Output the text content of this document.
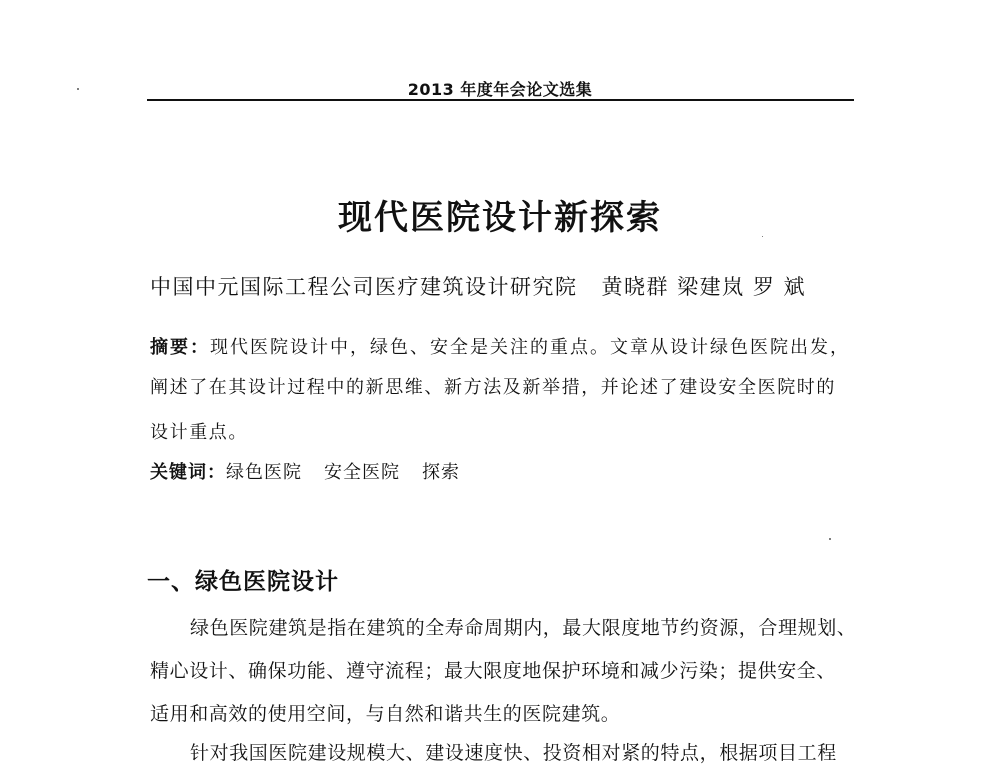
2013 年度年会论文选集
现代医院设计新探索
中国中元国际工程公司医疗建筑设计研究院 黄晓群 梁建岚 罗 斌
摘要：现代医院设计中，绿色、安全是关注的重点。文章从设计绿色医院出发，
阐述了在其设计过程中的新思维、新方法及新举措，并论述了建设安全医院时的
设计重点。
关键词：绿色医院 安全医院 探索
一、绿色医院设计
绿色医院建筑是指在建筑的全寿命周期内，最大限度地节约资源，合理规划、
精心设计、确保功能、遵守流程；最大限度地保护环境和减少污染；提供安全、
适用和高效的使用空间，与自然和谐共生的医院建筑。
针对我国医院建设规模大、建设速度快、投资相对紧的特点，根据项目工程
